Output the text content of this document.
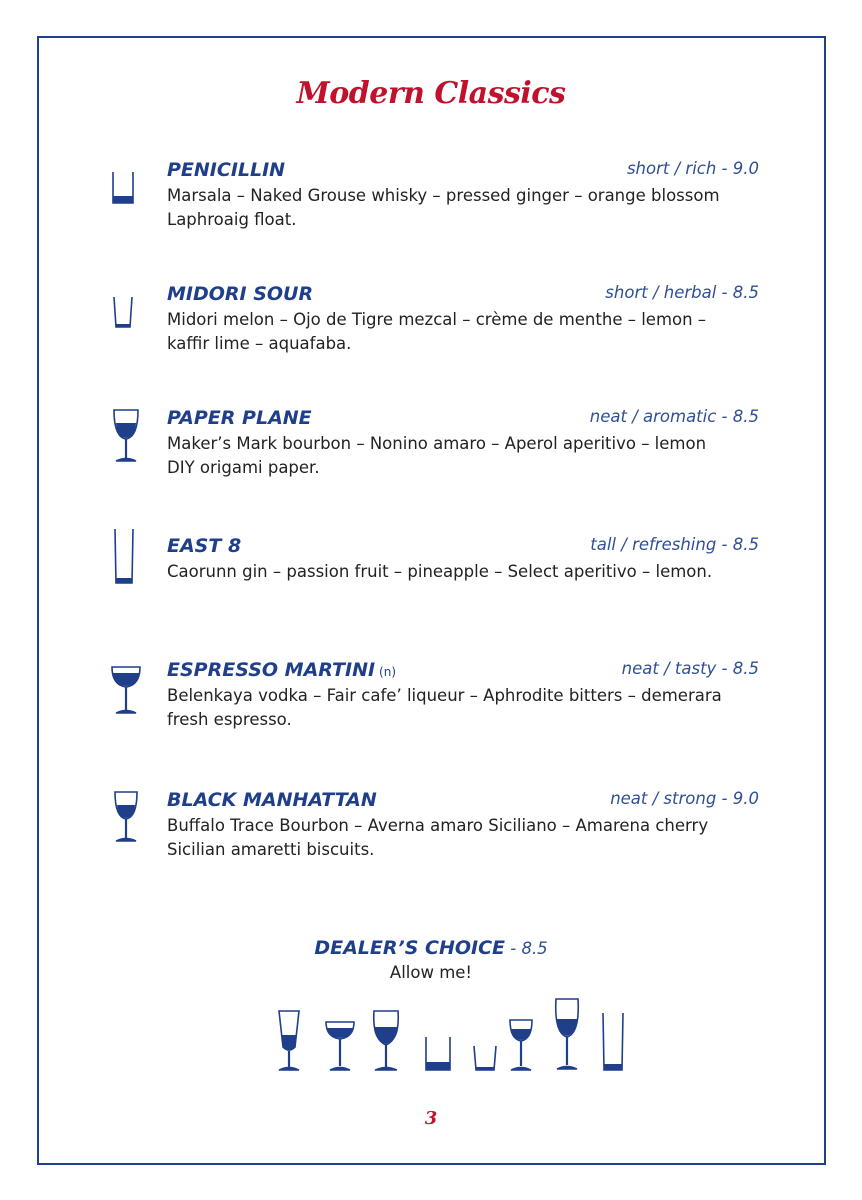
Modern Classics
PENICILLIN	short / rich - 9.0
Marsala – Naked Grouse whisky – pressed ginger – orange blossom
Laphroaig float.
MIDORI SOUR	short / herbal - 8.5
Midori melon – Ojo de Tigre mezcal – crème de menthe – lemon –
kaffir lime – aquafaba.
PAPER PLANE	neat / aromatic - 8.5
Maker’s Mark bourbon – Nonino amaro – Aperol aperitivo – lemon
DIY origami paper.
EAST 8	tall / refreshing - 8.5
Caorunn gin – passion fruit – pineapple – Select aperitivo – lemon.
ESPRESSO MARTINI (n)	neat / tasty - 8.5
Belenkaya vodka – Fair cafe’ liqueur – Aphrodite bitters – demerara
fresh espresso.
BLACK MANHATTAN	neat / strong - 9.0
Buffalo Trace Bourbon – Averna amaro Siciliano – Amarena cherry
Sicilian amaretti biscuits.
DEALER’S CHOICE - 8.5
Allow me!
3
